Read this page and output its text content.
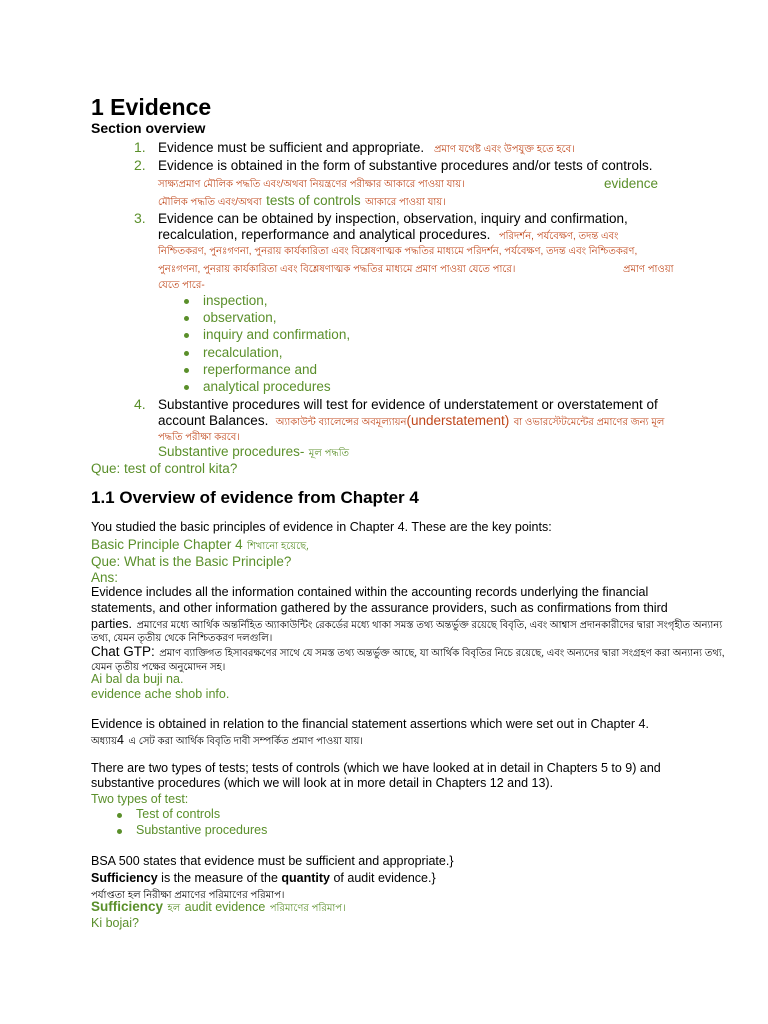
1 Evidence
Section overview
1. Evidence must be sufficient and appropriate. প্রমাণ যথেষ্ট এবং উপযুক্ত হতে হবে।
2. Evidence is obtained in the form of substantive procedures and/or tests of controls.
সাক্ষ্যপ্রমাণ মৌলিক পদ্ধতি এবং/অথবা নিয়ন্ত্রণের পরীক্ষার আকারে পাওয়া যায়।	evidence
মৌলিক পদ্ধতি এবং/অথবা tests of controls আকারে পাওয়া যায়।
3. Evidence can be obtained by inspection, observation, inquiry and confirmation,
recalculation, reperformance and analytical procedures. পরিদর্শন, পর্যবেক্ষণ, তদন্ত এবং
নিশ্চিতকরণ, পুনঃগণনা, পুনরায় কার্যকারিতা এবং বিশ্লেষণাত্মক পদ্ধতির মাধ্যমে পরিদর্শন, পর্যবেক্ষণ, তদন্ত এবং নিশ্চিতকরণ,
পুনঃগণনা, পুনরায় কার্যকারিতা এবং বিশ্লেষণাত্মক পদ্ধতির মাধ্যমে প্রমাণ পাওয়া যেতে পারে।	প্রমাণ পাওয়া
যেতে পারে-
inspection,
observation,
inquiry and confirmation,
recalculation,
reperformance and
analytical procedures
4. Substantive procedures will test for evidence of understatement or overstatement of
account Balances. অ্যাকাউন্ট ব্যালেন্সের অবমূল্যায়ন(understatement) বা ওভারস্টেটমেন্টের প্রমাণের জন্য মূল
পদ্ধতি পরীক্ষা করবে।
Substantive procedures- মূল পদ্ধতি
Que: test of control kita?
1.1 Overview of evidence from Chapter 4
You studied the basic principles of evidence in Chapter 4. These are the key points:
Basic Principle Chapter 4 শিখানো হয়েছে,
Que: What is the Basic Principle?
Ans:
Evidence includes all the information contained within the accounting records underlying the financial
statements, and other information gathered by the assurance providers, such as confirmations from third
parties. প্রমাণের মধ্যে আর্থিক অন্তর্নিহিত অ্যাকাউন্টিং রেকর্ডের মধ্যে থাকা সমস্ত তথ্য অন্তর্ভুক্ত রয়েছে বিবৃতি, এবং আশ্বাস প্রদানকারীদের দ্বারা সংগৃহীত অন্যান্য
তথ্য, যেমন তৃতীয় থেকে নিশ্চিতকরণ দলগুলি।
Chat GTP: প্রমাণ ব্যাক্তিগত হিসাবরক্ষণের সাথে যে সমস্ত তথ্য অন্তর্ভুক্ত আছে, যা আর্থিক বিবৃতির নিচে রয়েছে, এবং অন্যদের দ্বারা সংগ্রহণ করা অন্যান্য তথ্য,
যেমন তৃতীয় পক্ষের অনুমোদন সহ।
Ai bal da buji na.
evidence ache shob info.
Evidence is obtained in relation to the financial statement assertions which were set out in Chapter 4.
অধ্যায়4 এ সেট করা আর্থিক বিবৃতি দাবী সম্পর্কিত প্রমাণ পাওয়া যায়।
There are two types of tests; tests of controls (which we have looked at in detail in Chapters 5 to 9) and
substantive procedures (which we will look at in more detail in Chapters 12 and 13).
Two types of test:
Test of controls
Substantive procedures
BSA 500 states that evidence must be sufficient and appropriate.}
Sufficiency is the measure of the quantity of audit evidence.}
পর্যাপ্ততা হল নিরীক্ষা প্রমাণের পরিমাণের পরিমাপ।
Sufficiency হল audit evidence পরিমাণের পরিমাপ।
Ki bojai?
